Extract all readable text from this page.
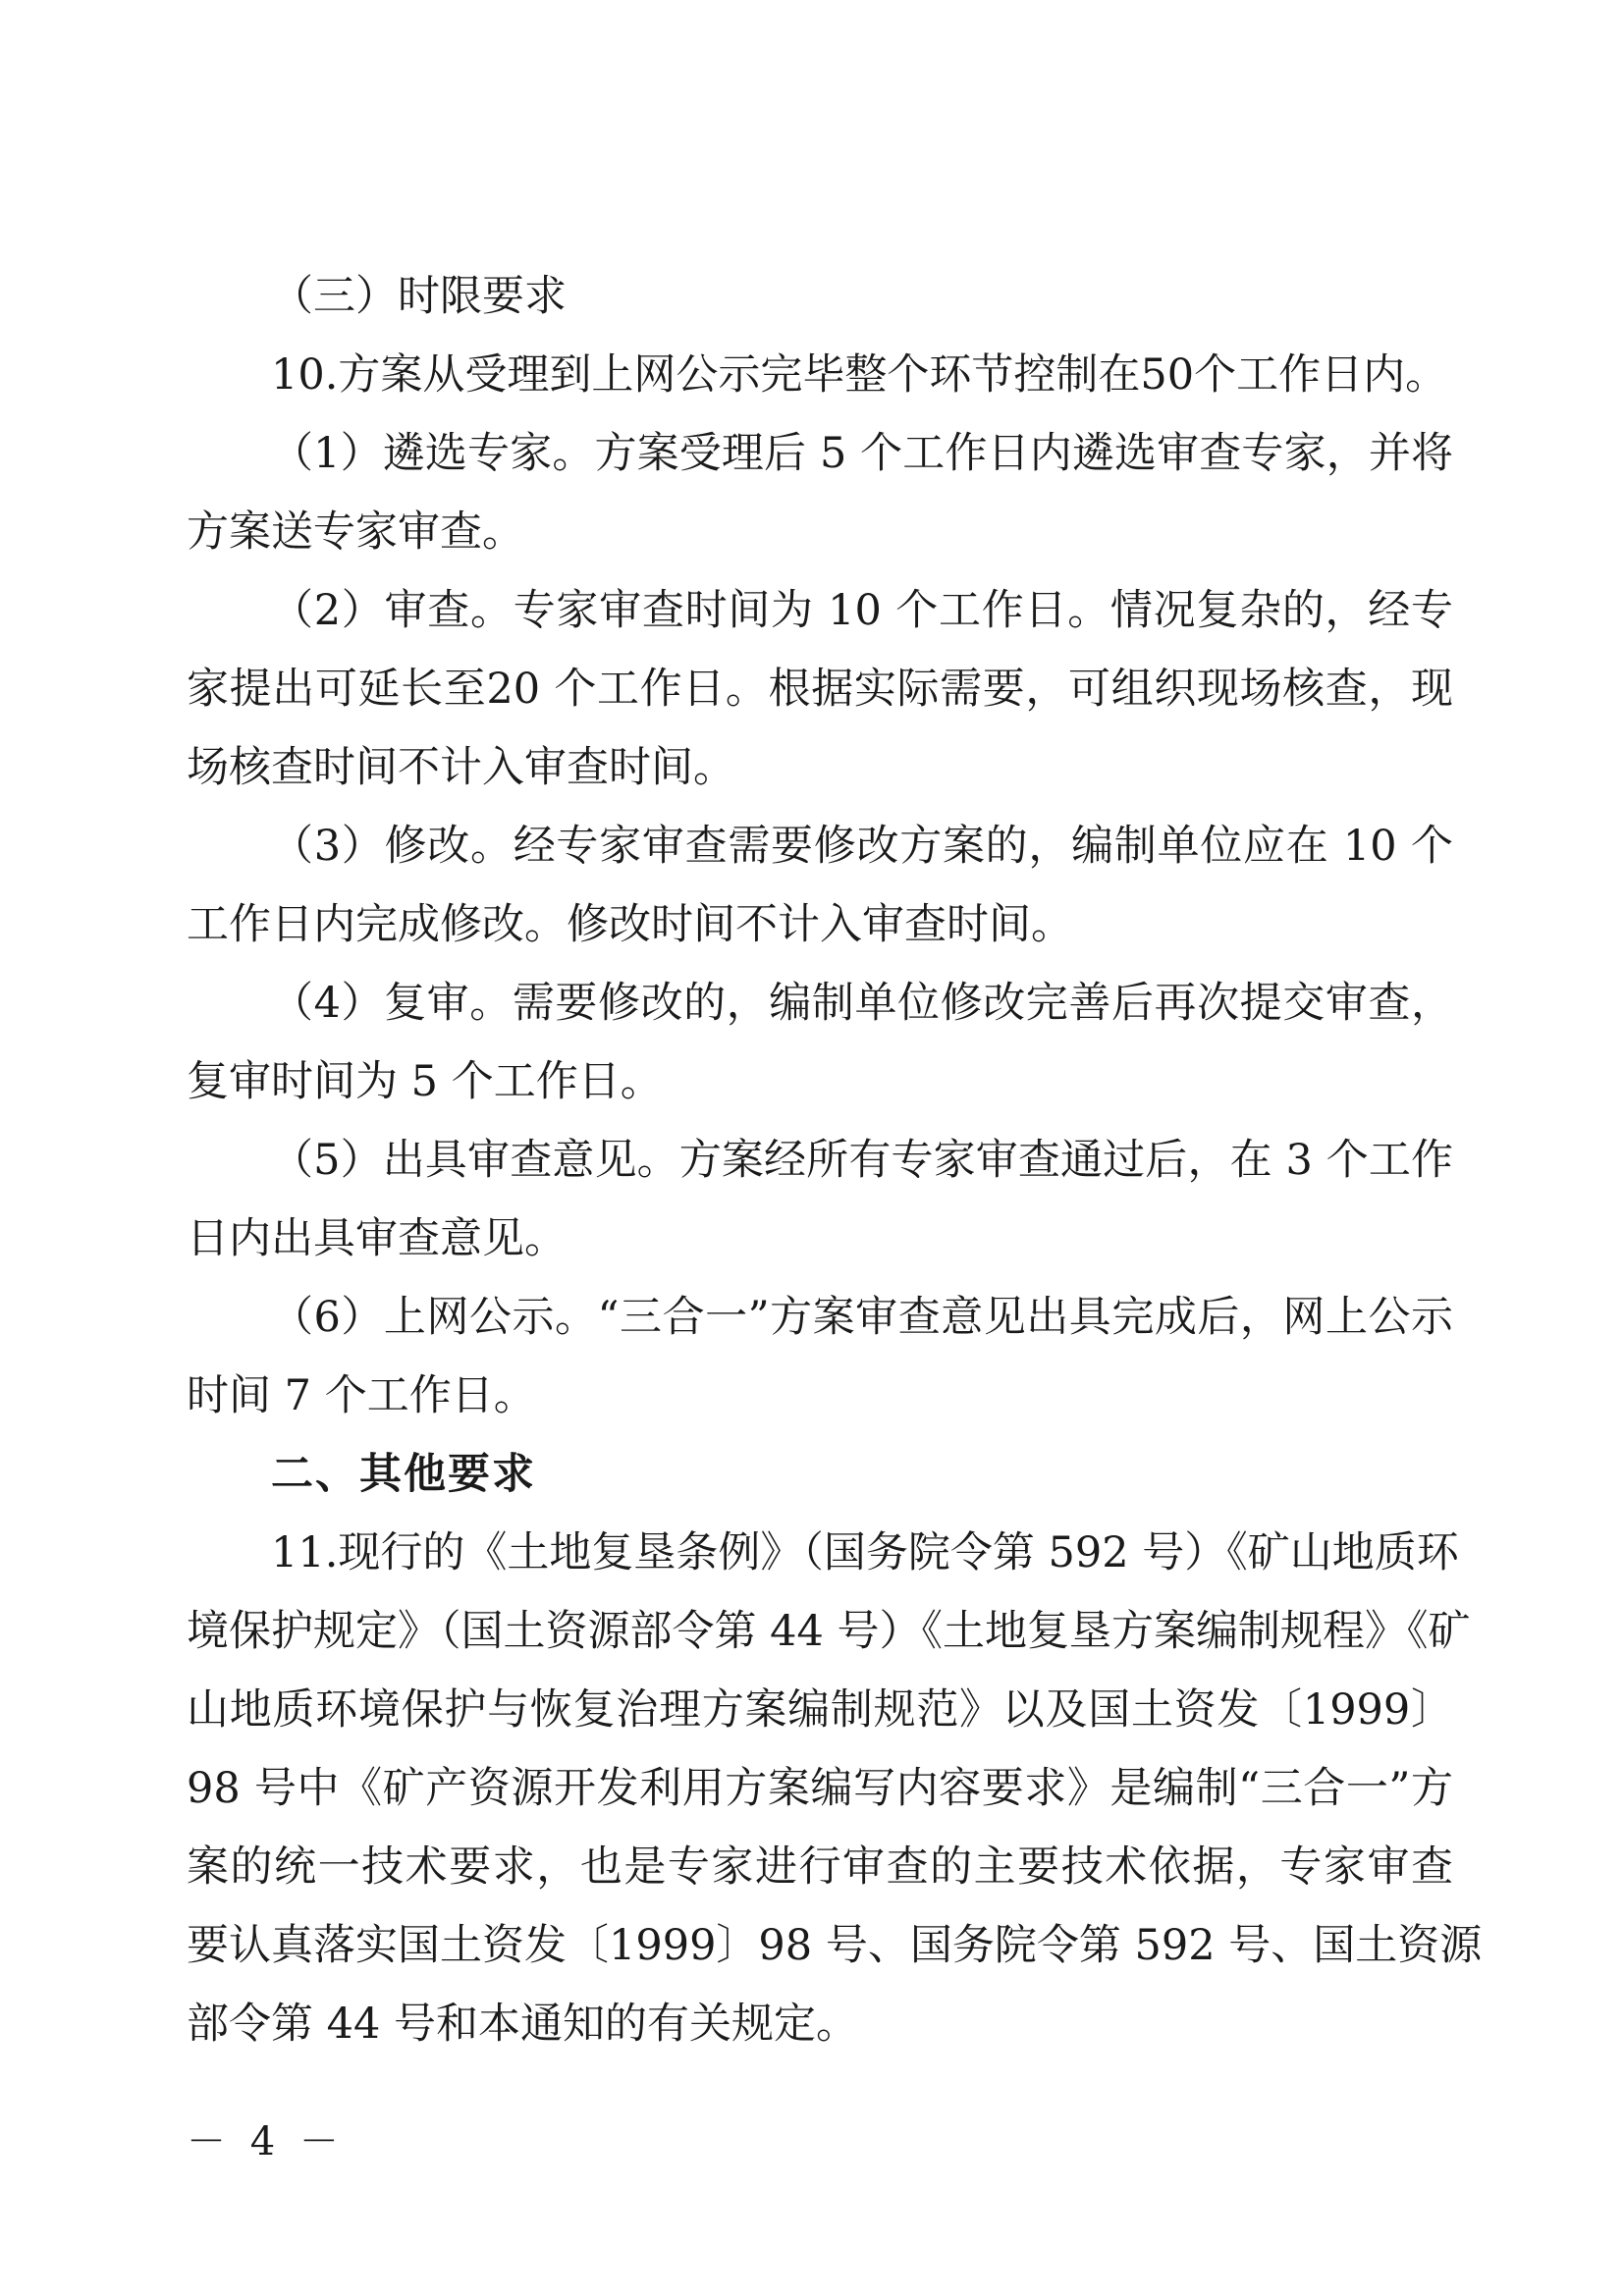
（三）时限要求
10.方案从受理到上网公示完毕整个环节控制在50个工作日内。
（1）遴选专家。方案受理后 5 个工作日内遴选审查专家，并将
方案送专家审查。
（2）审查。专家审查时间为 10 个工作日。情况复杂的，经专
家提出可延长至20 个工作日。根据实际需要，可组织现场核查，现
场核查时间不计入审查时间。
（3）修改。经专家审查需要修改方案的，编制单位应在 10 个
工作日内完成修改。修改时间不计入审查时间。
（4）复审。需要修改的，编制单位修改完善后再次提交审查，
复审时间为 5 个工作日。
（5）出具审查意见。方案经所有专家审查通过后，在 3 个工作
日内出具审查意见。
（6）上网公示。“三合一”方案审查意见出具完成后，网上公示
时间 7 个工作日。
二、其他要求
11.现行的《土地复垦条例》（国务院令第 592 号）《矿山地质环
境保护规定》（国土资源部令第 44 号）《土地复垦方案编制规程》《矿
山地质环境保护与恢复治理方案编制规范》以及国土资发〔1999〕
98 号中《矿产资源开发利用方案编写内容要求》是编制“三合一”方
案的统一技术要求，也是专家进行审查的主要技术依据，专家审查
要认真落实国土资发〔1999〕98 号、国务院令第 592 号、国土资源
部令第 44 号和本通知的有关规定。
－ 4 －
